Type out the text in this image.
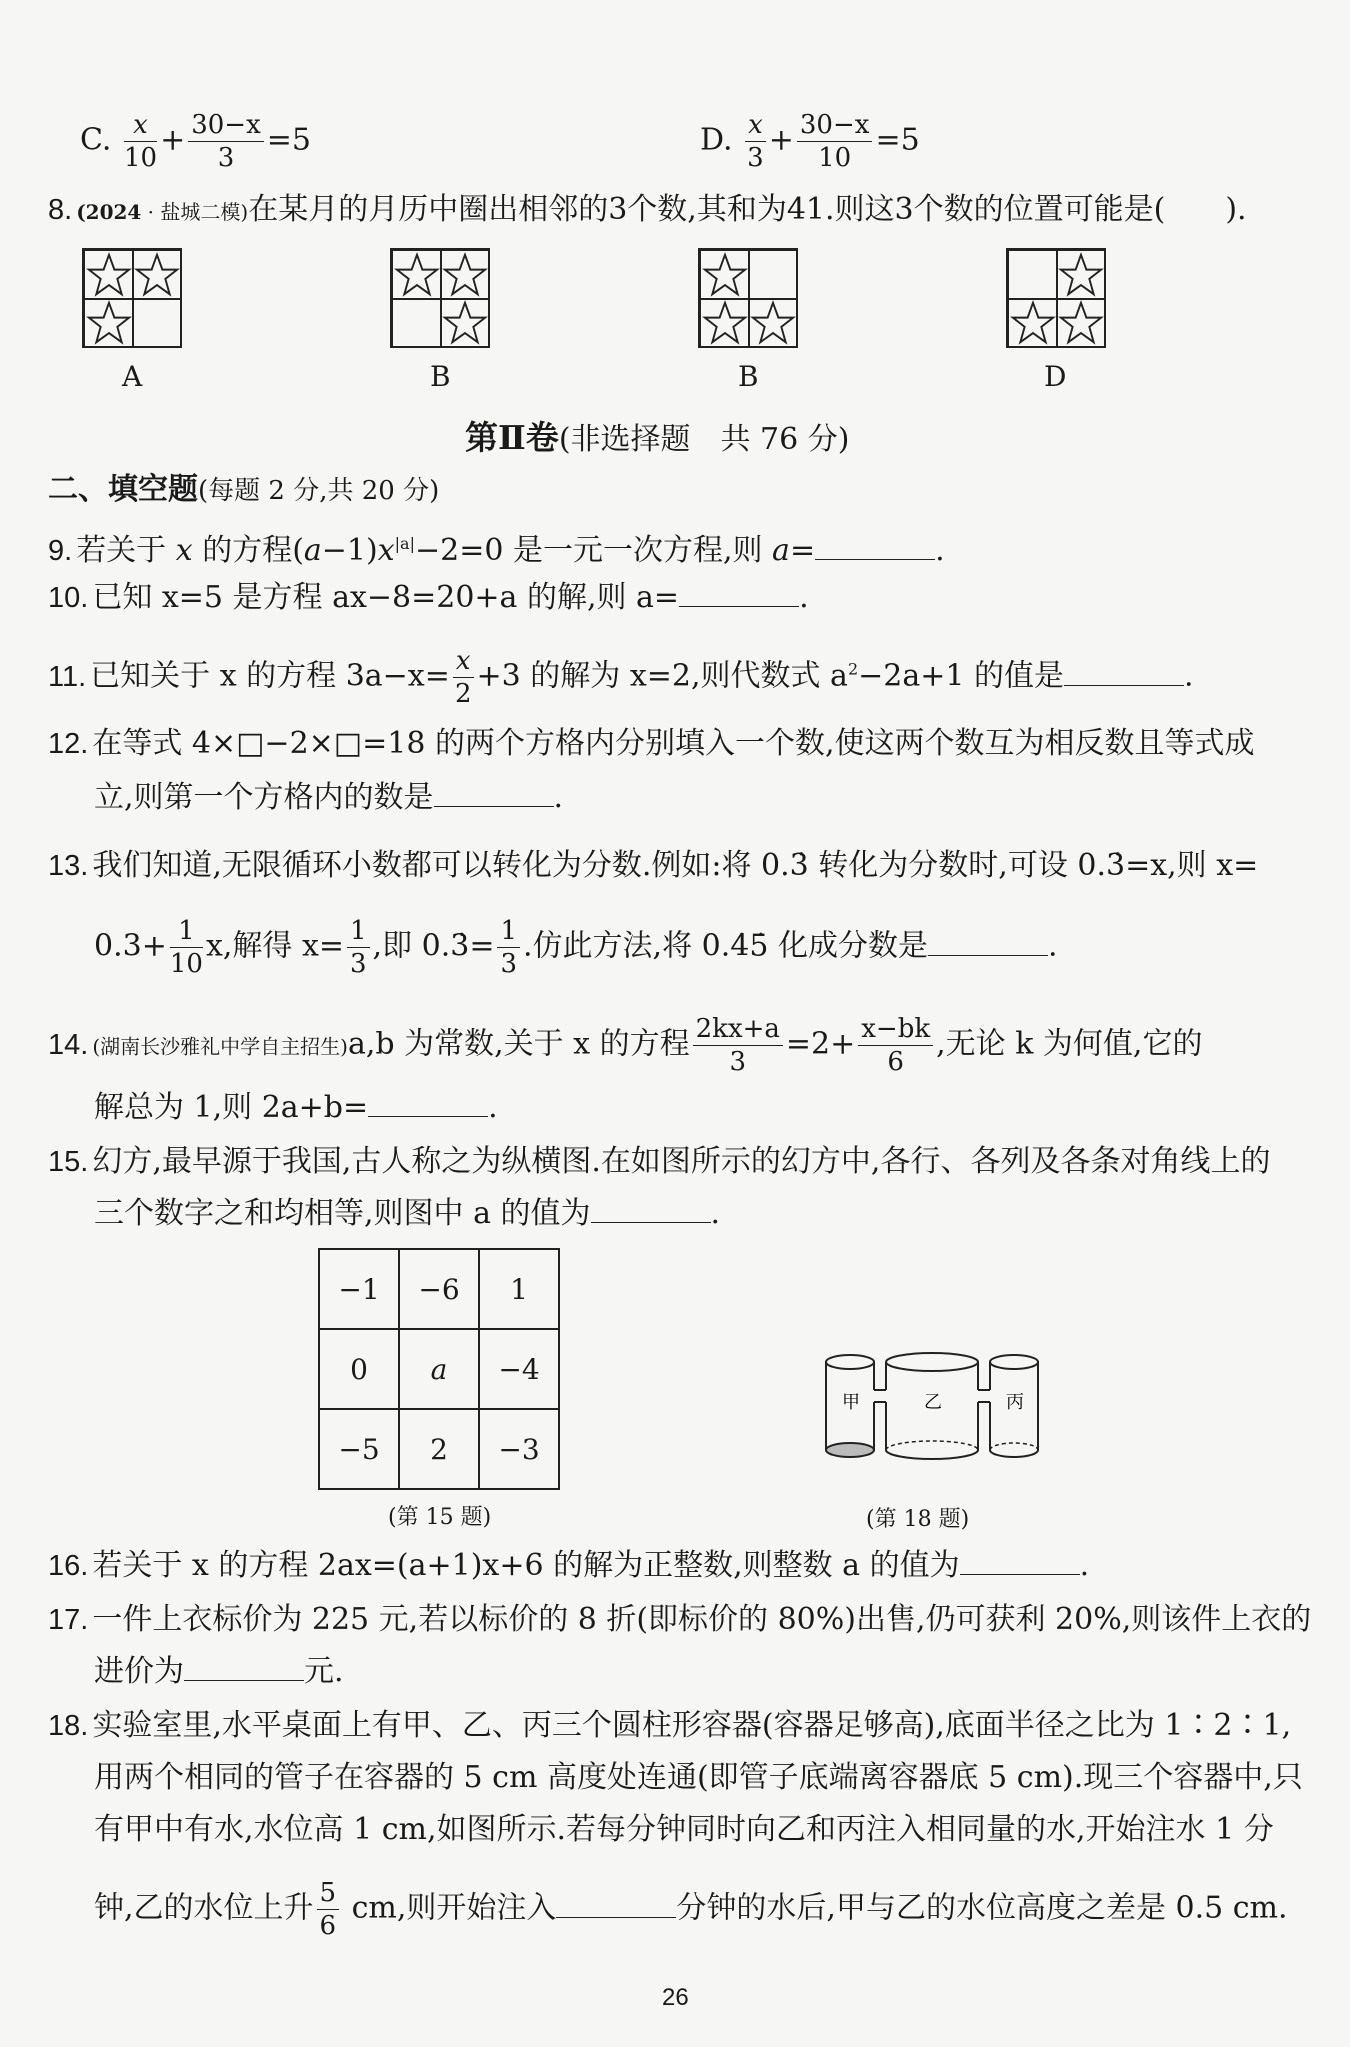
C. $\frac{x}{10} + \frac{30-x}{3} =5$	D. $\frac{x}{3} + \frac{30-x}{10} =5$
8. (2024 · 盐城二模)在某月的月历中圈出相邻的3个数,其和为41.则这3个数的位置可能是(　　).
A	B	B	D
第Ⅱ卷(非选择题　共 76 分)
二、填空题(每题 2 分,共 20 分)
9. 若关于 x 的方程$(a-1)x^{|a|}-2=0$ 是一元一次方程,则 a=	.
10. 已知 x=5 是方程 ax−8=20+a 的解,则 a=	.
11. 已知关于 x 的方程 $3a-x= \frac{x}{2} +3$ 的解为 x=2,则代数式 $a^2-2a+1$ 的值是	.
12. 在等式 4×□−2×□=18 的两个方格内分别填入一个数,使这两个数互为相反数且等式成
立,则第一个方格内的数是	.
13. 我们知道,无限循环小数都可以转化为分数.例如:将 0.3̇ 转化为分数时,可设 0.3̇=x,则 x=
$0.3+ \frac{1}{10} x$,解得 $x= \frac{1}{3}$ ,即 0.3̇= $\frac{1}{3}$ .仿此方法,将 0.4̇5̇ 化成分数是	.
14. (湖南长沙雅礼中学自主招生)a,b 为常数,关于 x 的方程 $\frac{2kx+a}{3} =2+ \frac{x-bk}{6}$ ,无论 k 为何值,它的
解总为 1,则 2a+b=	.
15. 幻方,最早源于我国,古人称之为纵横图.在如图所示的幻方中,各行、各列及各条对角线上的
三个数字之和均相等,则图中 a 的值为	.
−1	−6	1
0	a	−4
−5	2	−3
(第 15 题)
甲	乙	丙
(第 18 题)
16. 若关于 x 的方程 2ax=(a+1)x+6 的解为正整数,则整数 a 的值为	.
17. 一件上衣标价为 225 元,若以标价的 8 折(即标价的 80%)出售,仍可获利 20%,则该件上衣的
进价为	元.
18. 实验室里,水平桌面上有甲、乙、丙三个圆柱形容器(容器足够高),底面半径之比为 1∶2∶1,
用两个相同的管子在容器的 5 cm 高度处连通(即管子底端离容器底 5 cm).现三个容器中,只
有甲中有水,水位高 1 cm,如图所示.若每分钟同时向乙和丙注入相同量的水,开始注水 1 分
钟,乙的水位上升 $\frac{5}{6}$ cm,则开始注入	分钟的水后,甲与乙的水位高度之差是 0.5 cm.
26
